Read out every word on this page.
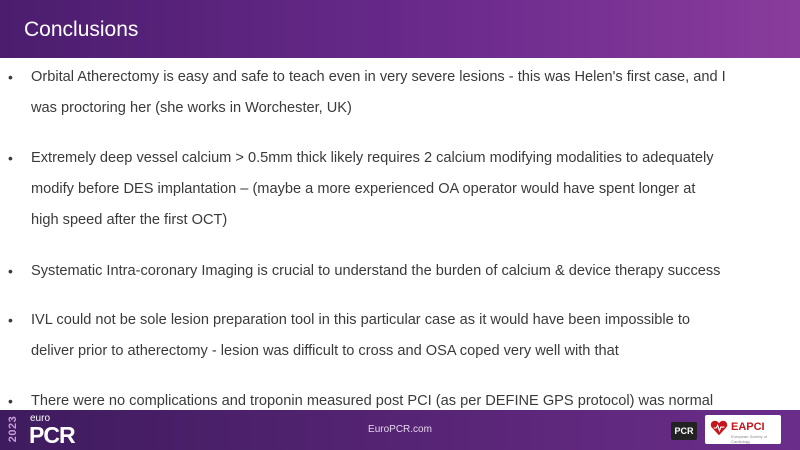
Conclusions
• Orbital Atherectomy is easy and safe to teach even in very severe lesions - this was Helen's first case, and I
was proctoring her (she works in Worchester, UK)
• Extremely deep vessel calcium > 0.5mm thick likely requires 2 calcium modifying modalities to adequately
modify before DES implantation – (maybe a more experienced OA operator would have spent longer at
high speed after the first OCT)
• Systematic Intra-coronary Imaging is crucial to understand the burden of calcium & device therapy success
• IVL could not be sole lesion preparation tool in this particular case as it would have been impossible to
deliver prior to atherectomy - lesion was difficult to cross and OSA coped very well with that
• There were no complications and troponin measured post PCI (as per DEFINE GPS protocol) was normal
2023 euro
PCR	EuroPCR.com	PCR	EAPCI
European Society of Cardiology
